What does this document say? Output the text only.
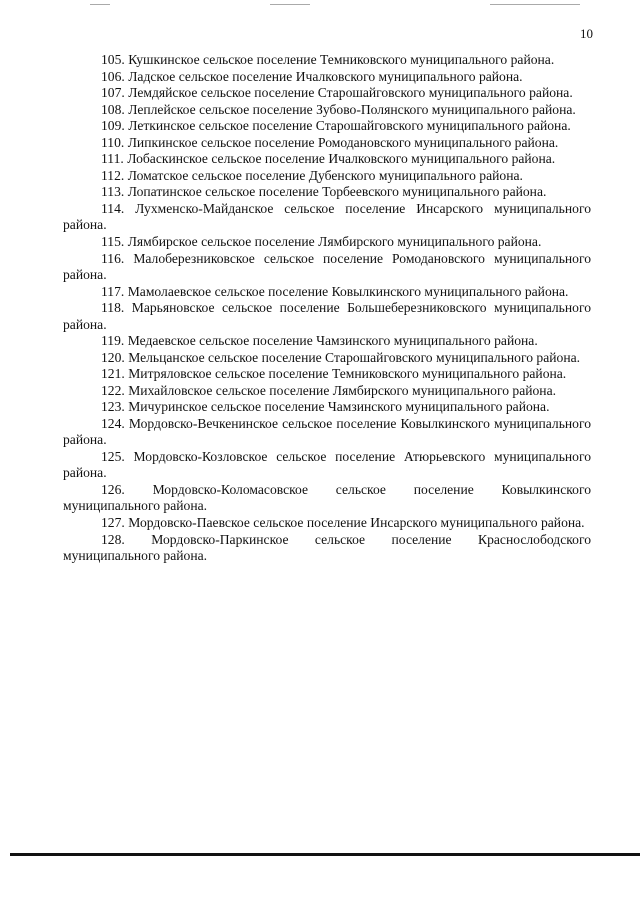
10

105. Кушкинское сельское поселение Темниковского муниципального района.

106. Ладское сельское поселение Ичалковского муниципального района.

107. Лемдяйское сельское поселение Старошайговского муниципального района.

108. Леплейское сельское поселение Зубово-Полянского муниципального района.

109. Леткинское сельское поселение Старошайговского муниципального района.

110. Липкинское сельское поселение Ромодановского муниципального района.

111. Лобаскинское сельское поселение Ичалковского муниципального района.

112. Ломатское сельское поселение Дубенского муниципального района.

113. Лопатинское сельское поселение Торбеевского муниципального района.

114. Лухменско-Майданское сельское поселение Инсарского муниципального района.

115. Лямбирское сельское поселение Лямбирского муниципального района.

116. Малоберезниковское сельское поселение Ромодановского муниципального района.

117. Мамолаевское сельское поселение Ковылкинского муниципального района.

118. Марьяновское сельское поселение Большеберезниковского муниципального района.

119. Медаевское сельское поселение Чамзинского муниципального района.

120. Мельцанское сельское поселение Старошайговского муниципального района.

121. Митряловское сельское поселение Темниковского муниципального района.

122. Михайловское сельское поселение Лямбирского муниципального района.

123. Мичуринское сельское поселение Чамзинского муниципального района.

124. Мордовско-Вечкенинское сельское поселение Ковылкинского муниципального района.

125. Мордовско-Козловское сельское поселение Атюрьевского муниципального района.

126. Мордовско-Коломасовское сельское поселение Ковылкинского муниципального района.

127. Мордовско-Паевское сельское поселение Инсарского муниципального района.

128. Мордовско-Паркинское сельское поселение Краснослободского муниципального района.
